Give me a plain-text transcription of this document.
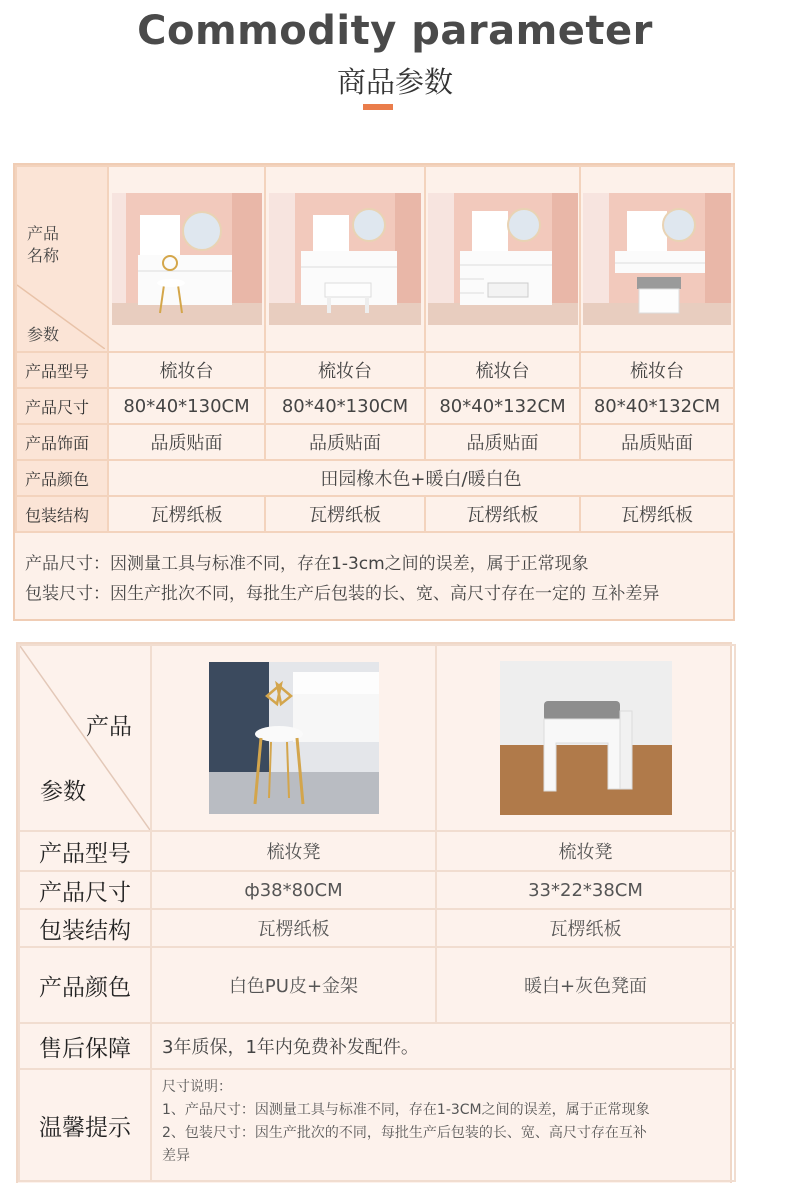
Commodity parameter
商品参数
产品
名称
参数

产品型号	梳妆台	梳妆台	梳妆台	梳妆台
产品尺寸	80*40*130CM	80*40*130CM	80*40*132CM	80*40*132CM
产品饰面	品质贴面	品质贴面	品质贴面	品质贴面
产品颜色	田园橡木色+暖白/暖白色			
包装结构	瓦楞纸板	瓦楞纸板	瓦楞纸板	瓦楞纸板
产品尺寸：因测量工具与标准不同，存在1-3cm之间的误差，属于正常现象
包装尺寸：因生产批次不同，每批生产后包装的长、宽、高尺寸存在一定的 互补差异
产品
参数

产品型号	梳妆凳	梳妆凳
产品尺寸	ф38*80CM	33*22*38CM
包装结构	瓦楞纸板	瓦楞纸板
产品颜色	白色PU皮+金架	暖白+灰色凳面
售后保障	3年质保，1年内免费补发配件。	
温馨提示	尺寸说明：
1、产品尺寸：因测量工具与标准不同，存在1-3CM之间的误差，属于正常现象
2、包装尺寸：因生产批次的不同，每批生产后包装的长、宽、高尺寸存在互补
差异	
